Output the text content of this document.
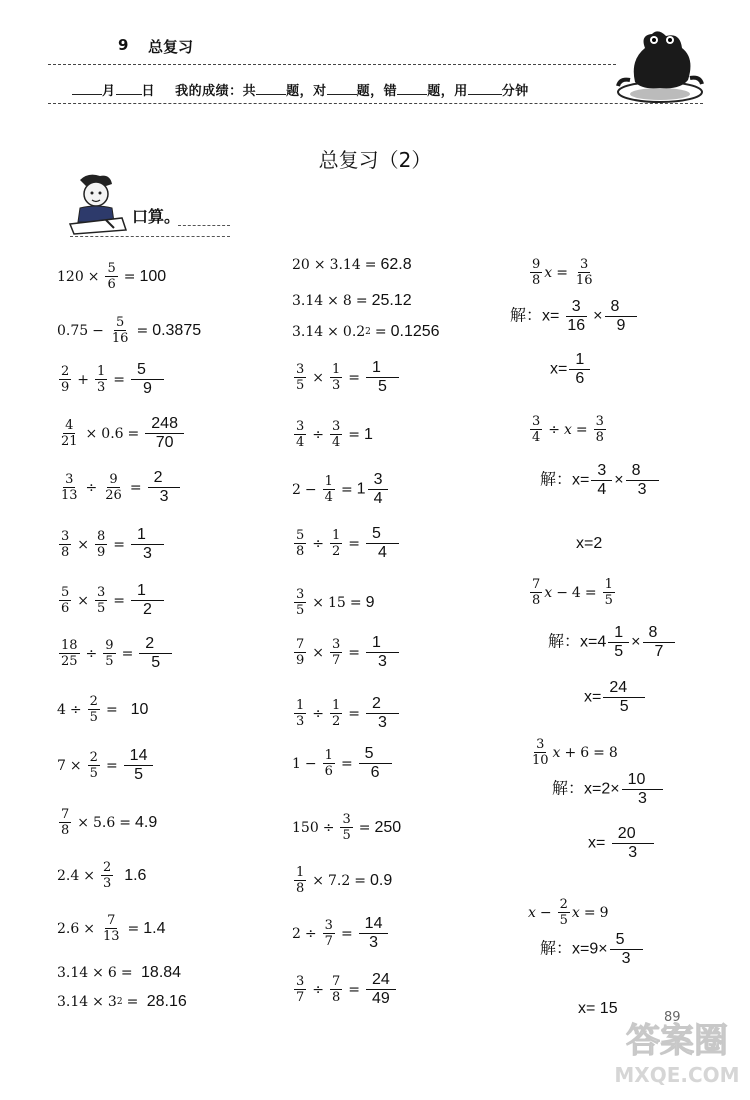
9 总复习
月 日 我的成绩：共 题，对 题，错 题，用	分钟
总复习（2）
口算。
$120 \times \frac{5}{6} = 100$
$0.75 - \frac{5}{16} = 0.3875$
$\frac{2}{9} + \frac{1}{3} = \frac{5}{9}$
$\frac{4}{21} \times 0.6 = \frac{248}{70}$
$\frac{3}{13} \div \frac{9}{26} = \frac{2}{3}$
$\frac{3}{8} \times \frac{8}{9} = \frac{1}{3}$
$\frac{5}{6} \times \frac{3}{5} = \frac{1}{2}$
$\frac{18}{25} \div \frac{9}{5} = \frac{2}{5}$
$4 \div \frac{2}{5}$ =
10
$7 \times \frac{2}{5} = \frac{14}{5}$
$\frac{7}{8} \times 5.6 = 4.9$
$2.4 \times \frac{2}{3}$
1.6
$2.6 \times \frac{7}{13} = 1.4$
3.14 × 6 =
18.84
3.14 × 3 2 =
28.16
20 × 3.14 = 62.8
3.14 × 8 = 25.12
3.14 × 0.2 2 = 0.1256
$\frac{3}{5} \times \frac{1}{3} = \frac{1}{5}$
$\frac{3}{4} \div \frac{3}{4} = 1$
$2 - \frac{1}{4} = 1 \frac{3}{4}$
$\frac{5}{8} \div \frac{1}{2} = \frac{5}{4}$
$\frac{3}{5} \times 15 = 9$
$\frac{7}{9} \times \frac{3}{7} = \frac{1}{3}$
$\frac{1}{3} \div \frac{1}{2} = \frac{2}{3}$
$1 - \frac{1}{6} = \frac{5}{6}$
$150 \div \frac{3}{5} = 250$
$\frac{1}{8} \times 7.2 = 0.9$
$2 \div \frac{3}{7} = \frac{14}{3}$
$\frac{3}{7} \div \frac{7}{8} = \frac{24}{49}$
$\frac{9}{8}$ $x = \frac{3}{16}$
解：$x= \frac{3}{16} \times \frac{8}{9}$
$x= \frac{1}{6}$
$\frac{3}{4} \div x = \frac{3}{8}$
解：$x= \frac{3}{4} \times \frac{8}{3}$
x=2
$\frac{7}{8}$ $x - 4 = \frac{1}{5}$
解：$x=4 \frac{1}{5} \times \frac{8}{7}$
$x= \frac{24}{5}$
$\frac{3}{10}$ x + 6 = 8
解：$x=2\times \frac{10}{3}$
$x= \frac{20}{3}$
$x - \frac{2}{5}$ x = 9
解：$x=9\times \frac{5}{3}$
x= 15
89
答案圈
MXQE.COM
